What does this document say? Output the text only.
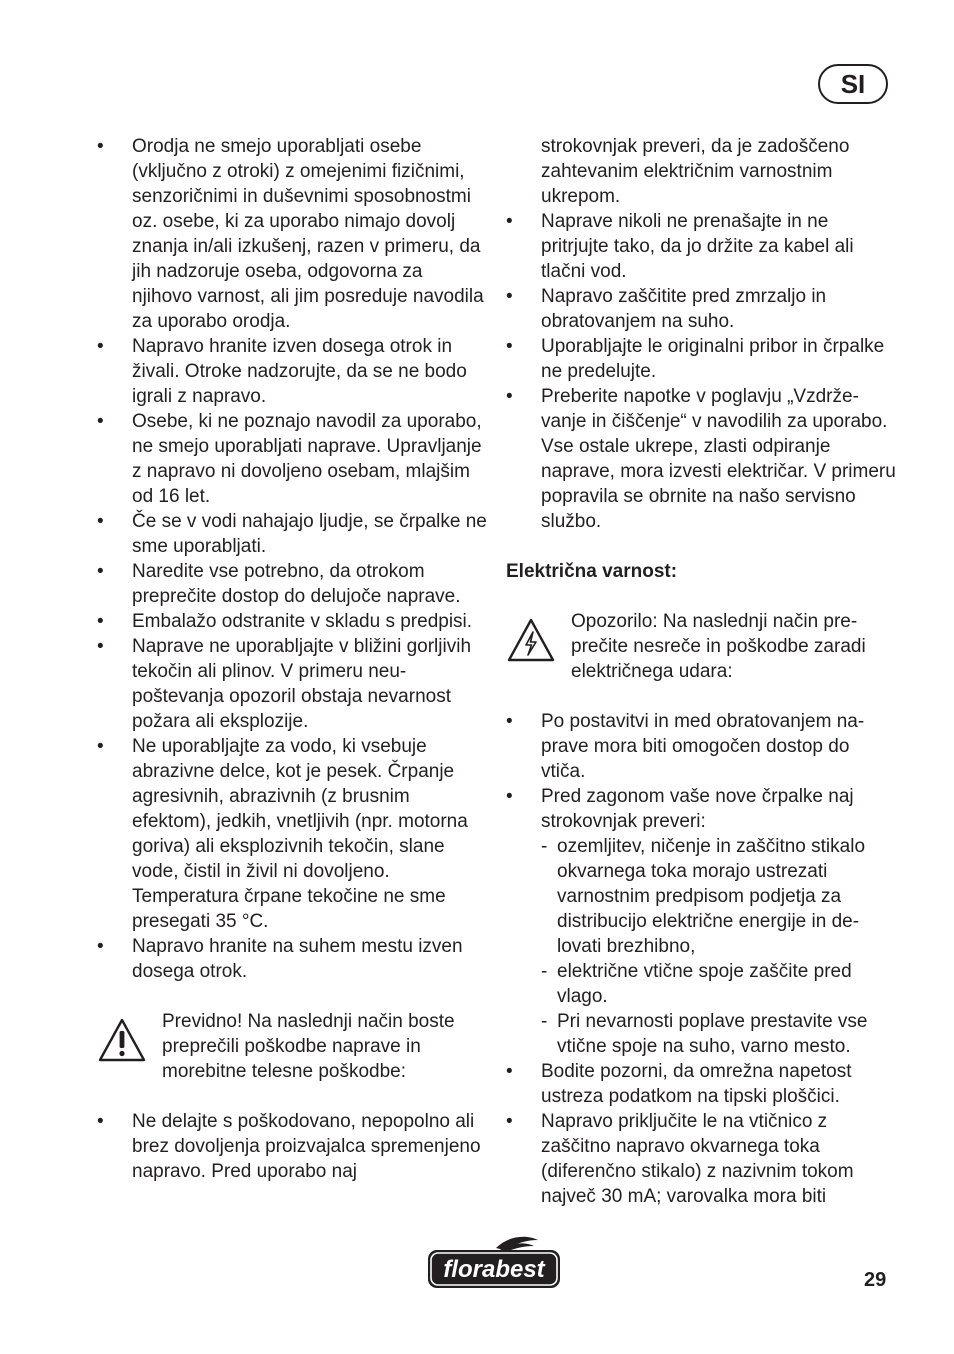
SI
• Orodja ne smejo uporabljati osebe (vključno z otroki) z omejenimi fizičnimi, senzoričnimi in duševnimi sposobnostmi oz. osebe, ki za uporabo nimajo dovolj znanja in/ali izkušenj, razen v primeru, da jih nadzoruje oseba, odgovorna za njihovo varnost, ali jim posreduje navodila za uporabo orodja.
• Napravo hranite izven dosega otrok in živali. Otroke nadzorujte, da se ne bodo igrali z napravo.
• Osebe, ki ne poznajo navodil za uporabo, ne smejo uporabljati naprave. Upravljanje z napravo ni dovoljeno osebam, mlajšim od 16 let.
• Če se v vodi nahajajo ljudje, se črpalke ne sme uporabljati.
• Naredite vse potrebno, da otrokom preprečite dostop do delujoče naprave.
• Embalažo odstranite v skladu s predpisi.
• Naprave ne uporabljajte v bližini gorljivih tekočin ali plinov. V primeru neupoštevanja opozoril obstaja nevarnost požara ali eksplozije.
• Ne uporabljajte za vodo, ki vsebuje abrazivne delce, kot je pesek. Črpanje agresivnih, abrazivnih (z brusnim efektom), jedkih, vnetljivih (npr. motorna goriva) ali eksplozivnih tekočin, slane vode, čistil in živil ni dovoljeno. Temperatura črpane tekočine ne sme presegati 35 °C.
• Napravo hranite na suhem mestu izven dosega otrok.

Previdno! Na naslednji način boste preprečili poškodbe naprave in morebitne telesne poškodbe:

• Ne delajte s poškodovano, nepopolno ali brez dovoljenja proizvajalca spremenjeno napravo. Pred uporabo naj

strokovnjak preveri, da je zadoščeno zahtevanim električnim varnostnim ukrepom.

• Naprave nikoli ne prenašajte in ne pritrjujte tako, da jo držite za kabel ali tlačni vod.
• Napravo zaščitite pred zmrzaljo in obratovanjem na suho.
• Uporabljajte le originalni pribor in črpalke ne predelujte.
• Preberite napotke v poglavju „Vzdrževanje in čiščenje“ v navodilih za uporabo. Vse ostale ukrepe, zlasti odpiranje naprave, mora izvesti električar. V primeru popravila se obrnite na našo servisno službo.

Električna varnost:

Opozorilo: Na naslednji način preprečite nesreče in poškodbe zaradi električnega udara:

• Po postavitvi in med obratovanjem naprave mora biti omogočen dostop do vtiča.
• Pred zagonom vaše nove črpalke naj strokovnjak preveri:
- ozemljitev, ničenje in zaščitno stikalo okvarnega toka morajo ustrezati varnostnim predpisom podjetja za distribucijo električne energije in delovati brezhibno,
- električne vtične spoje zaščite pred vlago.
- Pri nevarnosti poplave prestavite vse vtične spoje na suho, varno mesto.
• Bodite pozorni, da omrežna napetost ustreza podatkom na tipski ploščici.
• Napravo priključite le na vtičnico z zaščitno napravo okvarnega toka (diferenčno stikalo) z nazivnim tokom največ 30 mA; varovalka mora biti
florabest	29
